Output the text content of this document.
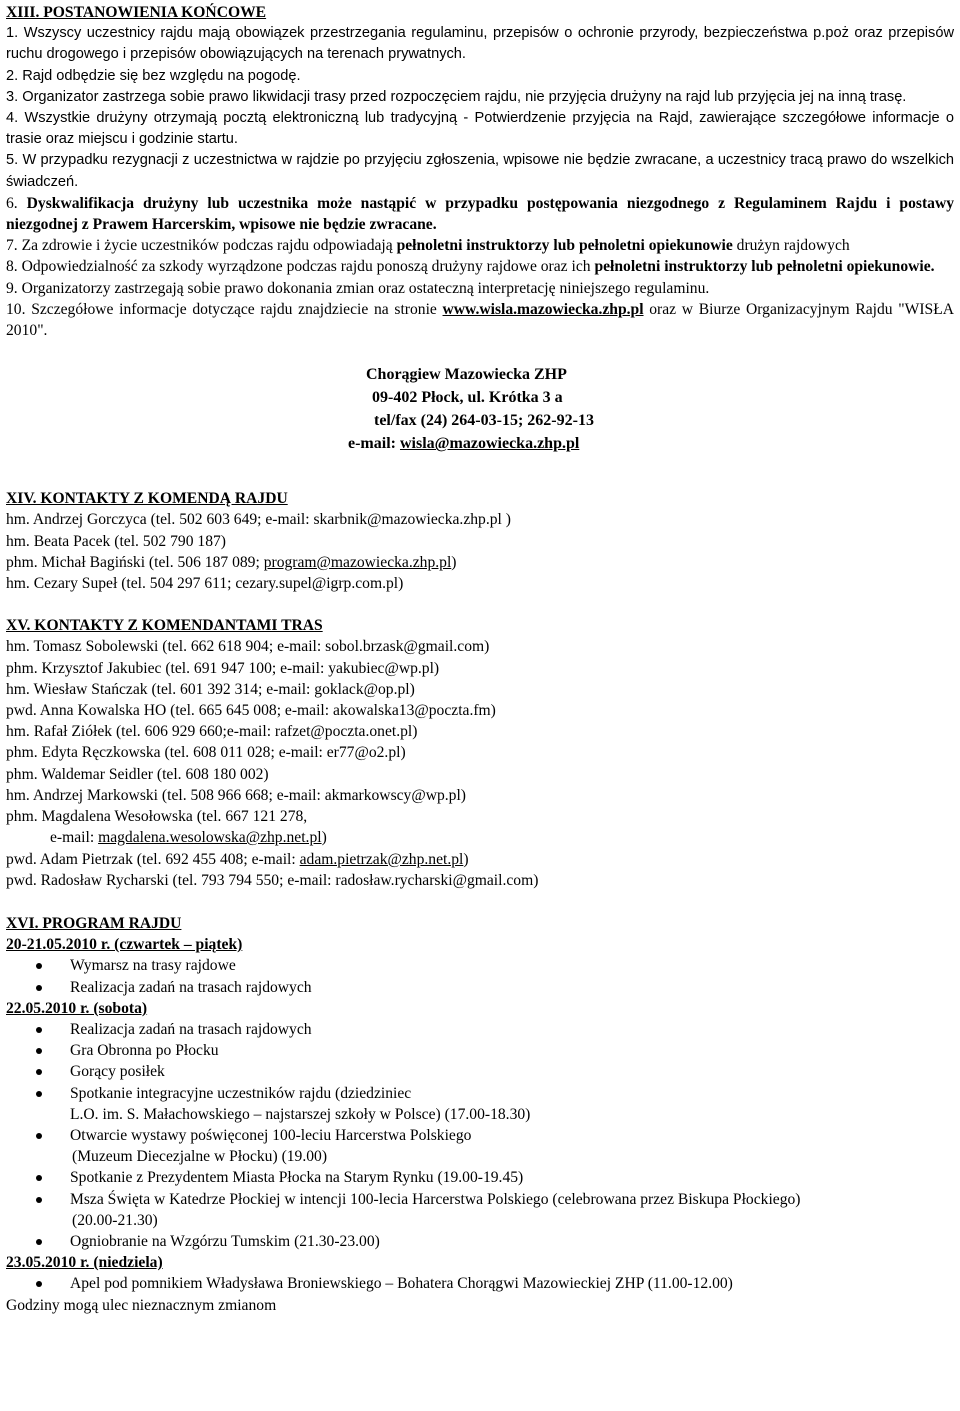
XIII. POSTANOWIENIA KOŃCOWE

1. Wszyscy uczestnicy rajdu mają obowiązek przestrzegania regulaminu, przepisów o ochronie przyrody, bezpieczeństwa p.poż oraz przepisów ruchu drogowego i przepisów obowiązujących na terenach prywatnych.

2. Rajd odbędzie się bez względu na pogodę.

3. Organizator zastrzega sobie prawo likwidacji trasy przed rozpoczęciem rajdu, nie przyjęcia drużyny na rajd lub przyjęcia jej na inną trasę.

4. Wszystkie drużyny otrzymają pocztą elektroniczną lub tradycyjną - Potwierdzenie przyjęcia na Rajd, zawierające szczegółowe informacje o trasie oraz miejscu i godzinie startu.

5. W przypadku rezygnacji z uczestnictwa w rajdzie po przyjęciu zgłoszenia, wpisowe nie będzie zwracane, a uczestnicy tracą prawo do wszelkich świadczeń.

6. Dyskwalifikacja drużyny lub uczestnika może nastąpić w przypadku postępowania niezgodnego z Regulaminem Rajdu i postawy niezgodnej z Prawem Harcerskim, wpisowe nie będzie zwracane.

7. Za zdrowie i życie uczestników podczas rajdu odpowiadają pełnoletni instruktorzy lub pełnoletni opiekunowie drużyn rajdowych

8. Odpowiedzialność za szkody wyrządzone podczas rajdu ponoszą drużyny rajdowe oraz ich pełnoletni instruktorzy lub pełnoletni opiekunowie.

9. Organizatorzy zastrzegają sobie prawo dokonania zmian oraz ostateczną interpretację niniejszego regulaminu.

10. Szczegółowe informacje dotyczące rajdu znajdziecie na stronie www.wisla.mazowiecka.zhp.pl oraz w Biurze Organizacyjnym Rajdu "WISŁA 2010".

Chorągiew Mazowiecka ZHP
09-402 Płock, ul. Krótka 3 a
tel/fax (24) 264-03-15; 262-92-13
e-mail: wisla@mazowiecka.zhp.pl
XIV. KONTAKTY Z KOMENDĄ RAJDU
hm. Andrzej Gorczyca (tel. 502 603 649; e-mail: skarbnik@mazowiecka.zhp.pl )
hm. Beata Pacek (tel. 502 790 187)
phm. Michał Bagiński (tel. 506 187 089; program@mazowiecka.zhp.pl)
hm. Cezary Supeł (tel. 504 297 611; cezary.supel@igrp.com.pl)
XV. KONTAKTY Z KOMENDANTAMI TRAS
hm. Tomasz Sobolewski (tel. 662 618 904; e-mail: sobol.brzask@gmail.com)
phm. Krzysztof Jakubiec (tel. 691 947 100; e-mail: yakubiec@wp.pl)
hm. Wiesław Stańczak (tel. 601 392 314; e-mail: goklack@op.pl)
pwd. Anna Kowalska HO (tel. 665 645 008; e-mail: akowalska13@poczta.fm)
hm. Rafał Ziółek (tel. 606 929 660;e-mail: rafzet@poczta.onet.pl)
phm. Edyta Ręczkowska (tel. 608 011 028; e-mail: er77@o2.pl)
phm. Waldemar Seidler (tel. 608 180 002)
hm. Andrzej Markowski (tel. 508 966 668; e-mail: akmarkowscy@wp.pl)
phm. Magdalena Wesołowska (tel. 667 121 278,
e-mail: magdalena.wesolowska@zhp.net.pl)
pwd. Adam Pietrzak (tel. 692 455 408; e-mail: adam.pietrzak@zhp.net.pl)
pwd. Radosław Rycharski (tel. 793 794 550; e-mail: radosław.rycharski@gmail.com)
XVI. PROGRAM RAJDU
20-21.05.2010 r. (czwartek – piątek)
Wymarsz na trasy rajdowe
Realizacja zadań na trasach rajdowych
22.05.2010 r. (sobota)
Realizacja zadań na trasach rajdowych
Gra Obronna po Płocku
Gorący posiłek
Spotkanie integracyjne uczestników rajdu (dziedziniec
L.O. im. S. Małachowskiego – najstarszej szkoły w Polsce) (17.00-18.30)
Otwarcie wystawy poświęconej 100-leciu Harcerstwa Polskiego
(Muzeum Diecezjalne w Płocku) (19.00)
Spotkanie z Prezydentem Miasta Płocka na Starym Rynku (19.00-19.45)
Msza Święta w Katedrze Płockiej w intencji 100-lecia Harcerstwa Polskiego (celebrowana przez Biskupa Płockiego)
(20.00-21.30)
Ogniobranie na Wzgórzu Tumskim (21.30-23.00)
23.05.2010 r. (niedziela)
Apel pod pomnikiem Władysława Broniewskiego – Bohatera Chorągwi Mazowieckiej ZHP (11.00-12.00)
Godziny mogą ulec nieznacznym zmianom
